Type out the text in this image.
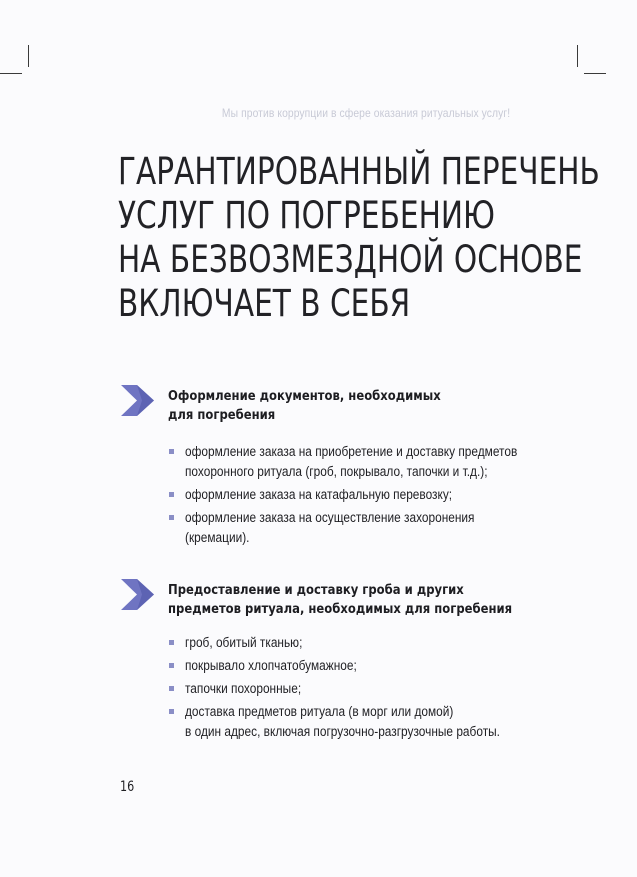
Мы против коррупции в сфере оказания ритуальных услуг!
ГАРАНТИРОВАННЫЙ ПЕРЕЧЕНЬ
УСЛУГ ПО ПОГРЕБЕНИЮ
НА БЕЗВОЗМЕЗДНОЙ ОСНОВЕ
ВКЛЮЧАЕТ В СЕБЯ
Оформление документов, необходимых
для погребения
оформление заказа на приобретение и доставку предметов
похоронного ритуала (гроб, покрывало, тапочки и т.д.);
оформление заказа на катафальную перевозку;
оформление заказа на осуществление захоронения
(кремации).
Предоставление и доставку гроба и других
предметов ритуала, необходимых для погребения
гроб, обитый тканью;
покрывало хлопчатобумажное;
тапочки похоронные;
доставка предметов ритуала (в морг или домой)
в один адрес, включая погрузочно-разгрузочные работы.
16
